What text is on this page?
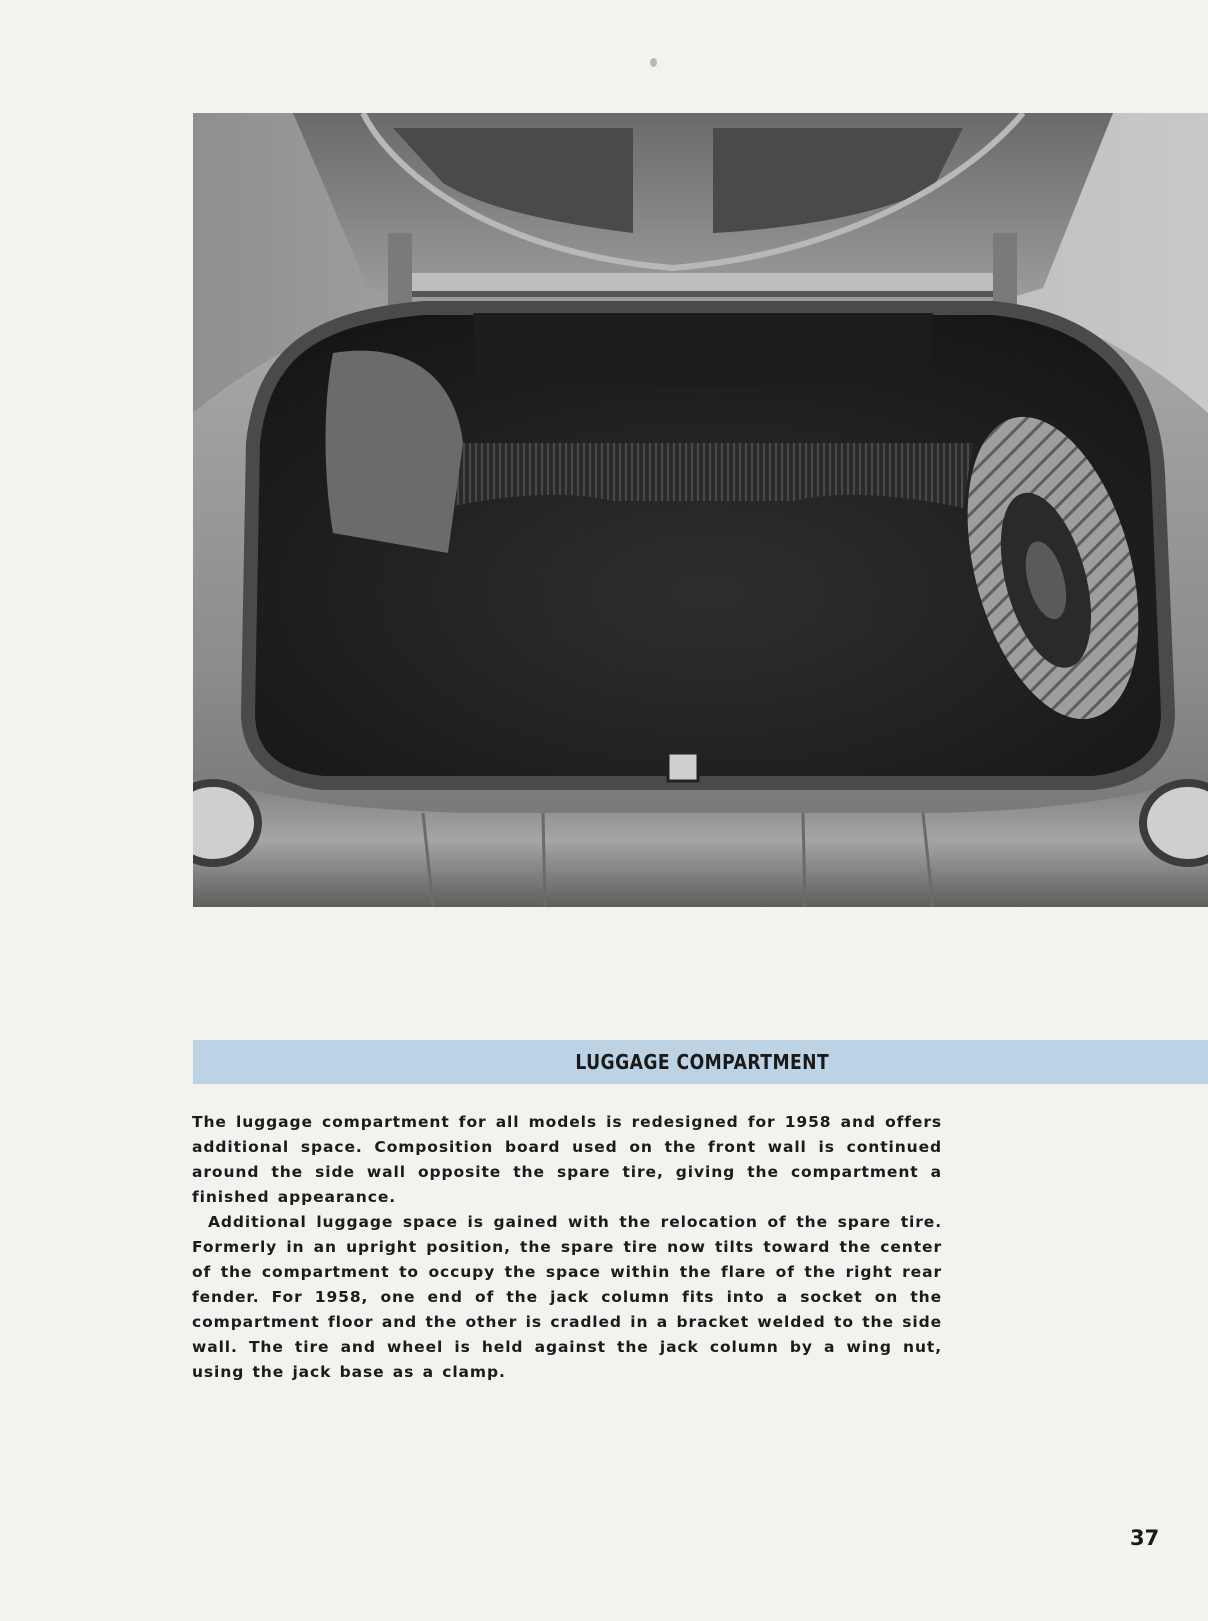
LUGGAGE COMPARTMENT

The luggage compartment for all models is redesigned for 1958 and offers additional space. Composition board used on the front wall is continued around the side wall opposite the spare tire, giving the compartment a finished appearance.

Additional luggage space is gained with the relocation of the spare tire. Formerly in an upright position, the spare tire now tilts toward the center of the compartment to occupy the space within the flare of the right rear fender. For 1958, one end of the jack column fits into a socket on the compartment floor and the other is cradled in a bracket welded to the side wall. The tire and wheel is held against the jack column by a wing nut, using the jack base as a clamp.

37
